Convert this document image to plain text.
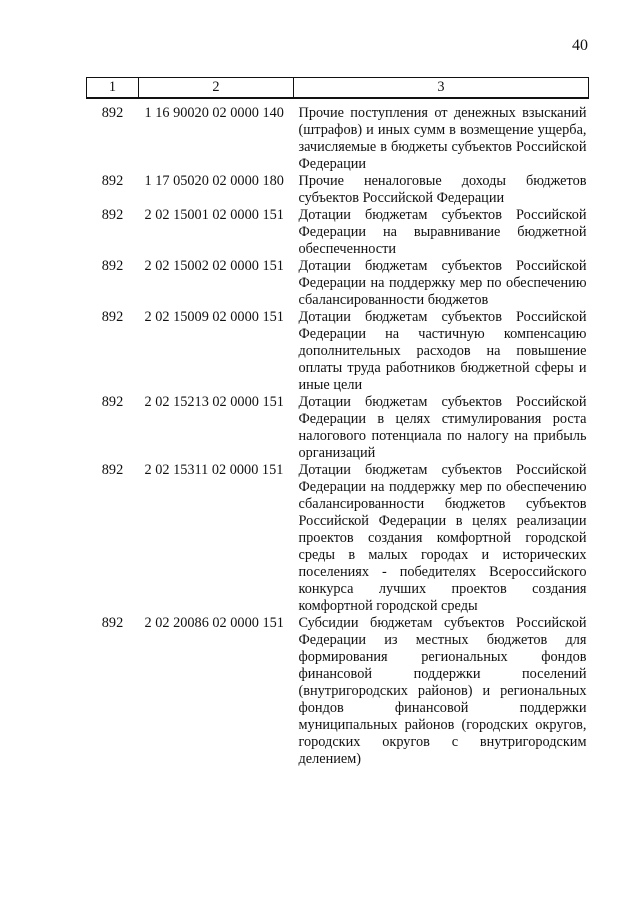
40
1	2	3
892	1 16 90020 02 0000 140	Прочие поступления от денежных взысканий (штрафов) и иных сумм в возмещение ущерба, зачисляемые в бюджеты субъектов Российской Федерации
892	1 17 05020 02 0000 180	Прочие неналоговые доходы бюджетов субъектов Российской Федерации
892	2 02 15001 02 0000 151	Дотации бюджетам субъектов Российской Федерации на выравнивание бюджетной обеспеченности
892	2 02 15002 02 0000 151	Дотации бюджетам субъектов Российской Федерации на поддержку мер по обеспечению сбалансированности бюджетов
892	2 02 15009 02 0000 151	Дотации бюджетам субъектов Российской Федерации на частичную компенсацию дополнительных расходов на повышение оплаты труда работников бюджетной сферы и иные цели
892	2 02 15213 02 0000 151	Дотации бюджетам субъектов Российской Федерации в целях стимулирования роста налогового потенциала по налогу на прибыль организаций
892	2 02 15311 02 0000 151	Дотации бюджетам субъектов Российской Федерации на поддержку мер по обеспечению сбалансированности бюджетов субъектов Российской Федерации в целях реализации проектов создания комфортной городской среды в малых городах и исторических поселениях - победителях Всероссийского конкурса лучших проектов создания комфортной городской среды
892	2 02 20086 02 0000 151	Субсидии бюджетам субъектов Российской Федерации из местных бюджетов для формирования региональных фондов финансовой поддержки поселений (внутригородских районов) и региональных фондов финансовой поддержки муниципальных районов (городских округов, городских округов с внутригородским делением)
